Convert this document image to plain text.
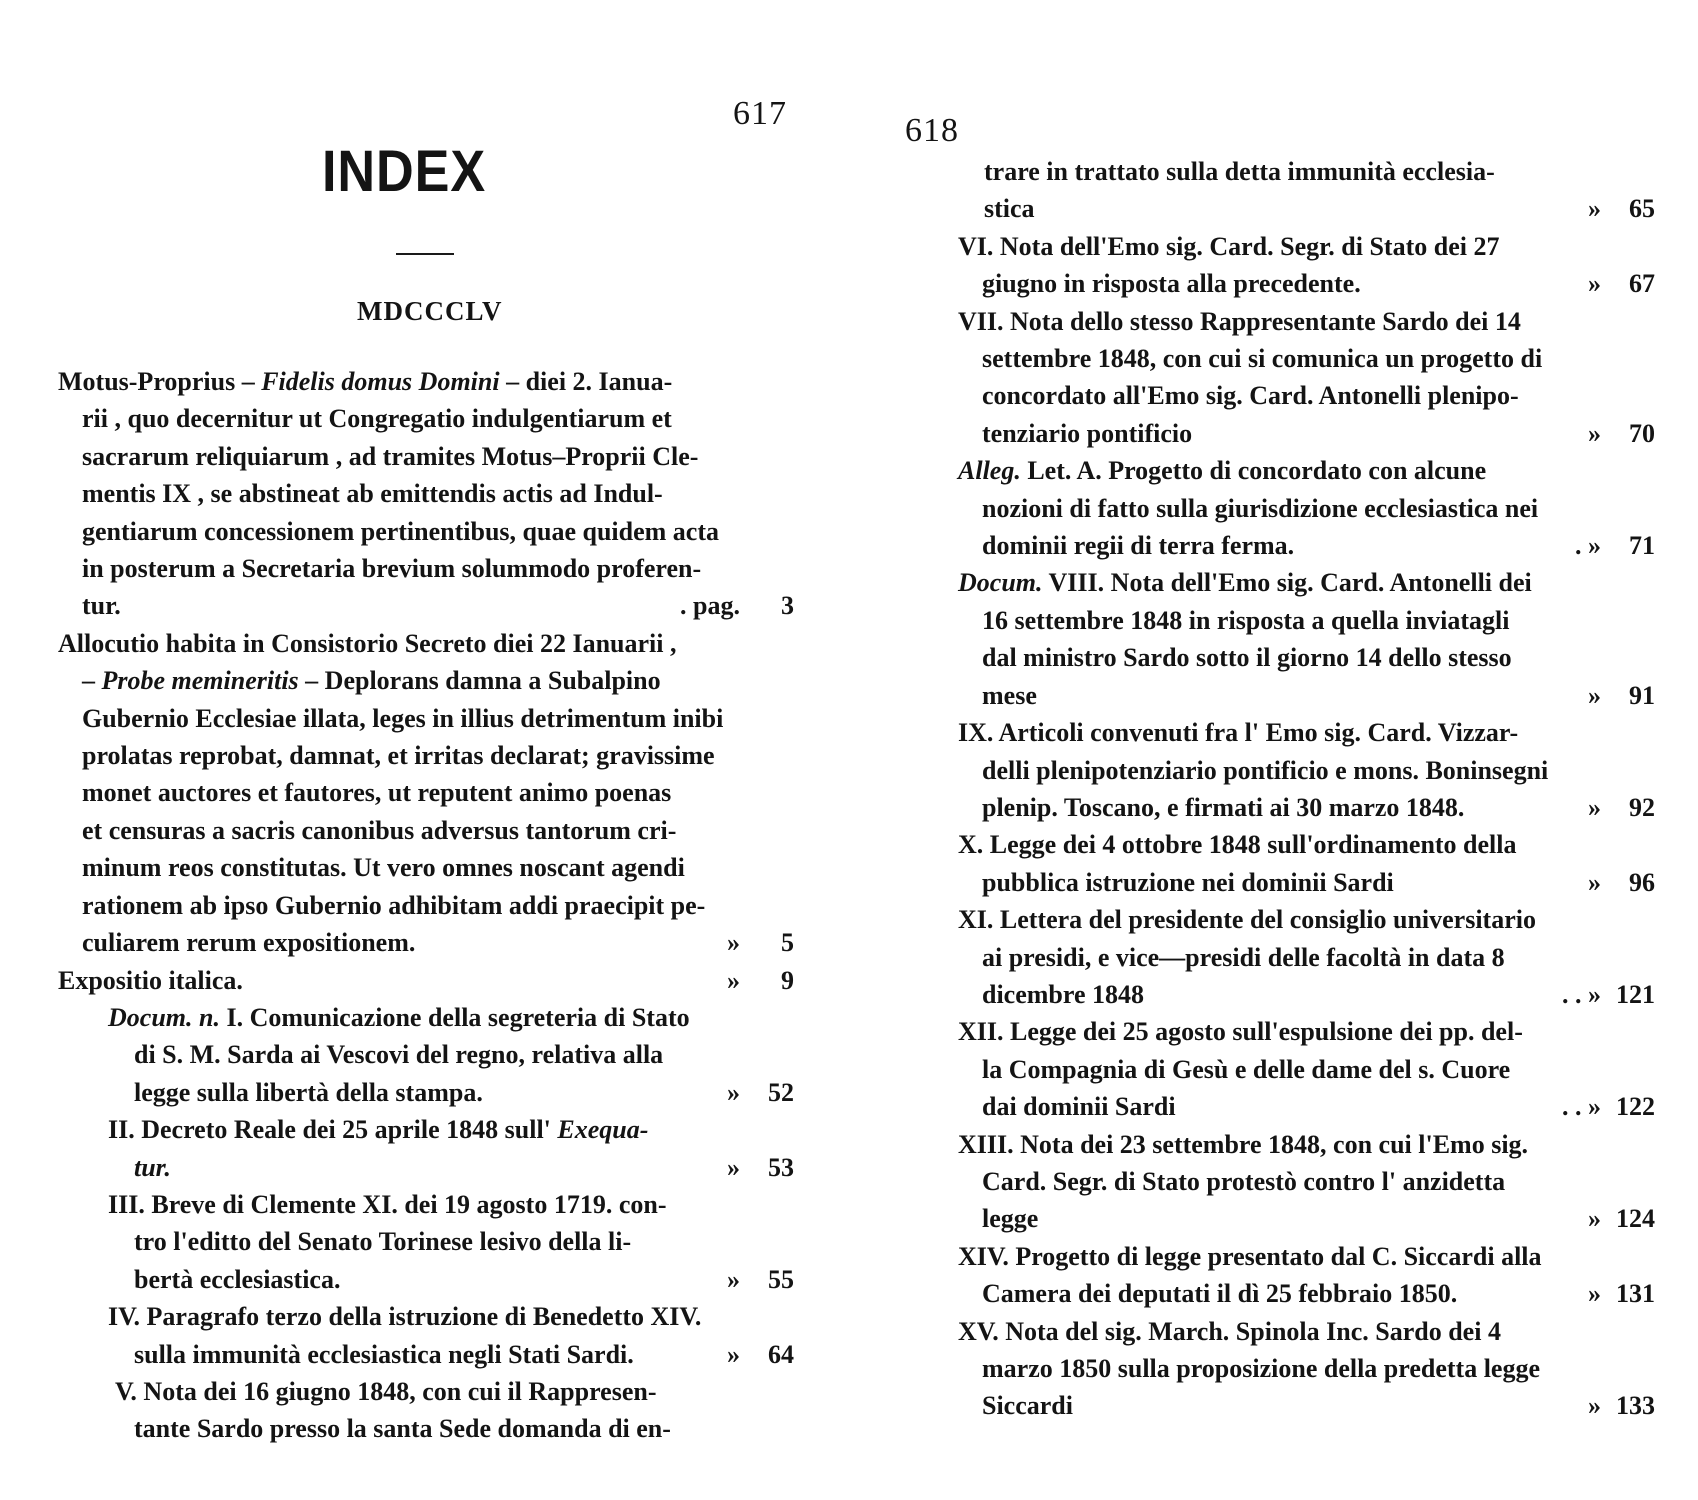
617	618
INDEX
MDCCCLV
Motus-Proprius – Fidelis domus Domini – diei 2. Ianua-
rii , quo decernitur ut Congregatio indulgentiarum et
sacrarum reliquiarum , ad tramites Motus–Proprii Cle-
mentis IX , se abstineat ab emittendis actis ad Indul-
gentiarum concessionem pertinentibus, quae quidem acta
in posterum a Secretaria brevium solummodo proferen-
tur.	. pag.	3
Allocutio habita in Consistorio Secreto diei 22 Ianuarii ,
– Probe memineritis – Deplorans damna a Subalpino
Gubernio Ecclesiae illata, leges in illius detrimentum inibi
prolatas reprobat, damnat, et irritas declarat; gravissime
monet auctores et fautores, ut reputent animo poenas
et censuras a sacris canonibus adversus tantorum cri-
minum reos constitutas. Ut vero omnes noscant agendi
rationem ab ipso Gubernio adhibitam addi praecipit pe-
culiarem rerum expositionem.	»	5
Expositio italica.	»	9
Docum. n. I. Comunicazione della segreteria di Stato
di S. M. Sarda ai Vescovi del regno, relativa alla
legge sulla libertà della stampa.	»	52
II. Decreto Reale dei 25 aprile 1848 sull' Exequa-
tur.	»	53
III. Breve di Clemente XI. dei 19 agosto 1719. con-
tro l'editto del Senato Torinese lesivo della li-
bertà ecclesiastica.	»	55
IV. Paragrafo terzo della istruzione di Benedetto XIV.
sulla immunità ecclesiastica negli Stati Sardi.	»	64
V. Nota dei 16 giugno 1848, con cui il Rappresen-
tante Sardo presso la santa Sede domanda di en-
trare in trattato sulla detta immunità ecclesia-
stica	»	65
VI. Nota dell'Emo sig. Card. Segr. di Stato dei 27
giugno in risposta alla precedente.	»	67
VII. Nota dello stesso Rappresentante Sardo dei 14
settembre 1848, con cui si comunica un progetto di
concordato all'Emo sig. Card. Antonelli plenipo-
tenziario pontificio	»	70
Alleg. Let. A. Progetto di concordato con alcune
nozioni di fatto sulla giurisdizione ecclesiastica nei
dominii regii di terra ferma.	. »	71
Docum. VIII. Nota dell'Emo sig. Card. Antonelli dei
16 settembre 1848 in risposta a quella inviatagli
dal ministro Sardo sotto il giorno 14 dello stesso
mese	»	91
IX. Articoli convenuti fra l' Emo sig. Card. Vizzar-
delli plenipotenziario pontificio e mons. Boninsegni
plenip. Toscano, e firmati ai 30 marzo 1848.	»	92
X. Legge dei 4 ottobre 1848 sull'ordinamento della
pubblica istruzione nei dominii Sardi	»	96
XI. Lettera del presidente del consiglio universitario
ai presidi, e vice—presidi delle facoltà in data 8
dicembre 1848	. . » 121
XII. Legge dei 25 agosto sull'espulsione dei pp. del-
la Compagnia di Gesù e delle dame del s. Cuore
dai dominii Sardi	. . » 122
XIII. Nota dei 23 settembre 1848, con cui l'Emo sig.
Card. Segr. di Stato protestò contro l' anzidetta
legge	» 124
XIV. Progetto di legge presentato dal C. Siccardi alla
Camera dei deputati il dì 25 febbraio 1850.	» 131
XV. Nota del sig. March. Spinola Inc. Sardo dei 4
marzo 1850 sulla proposizione della predetta legge
Siccardi	» 133
